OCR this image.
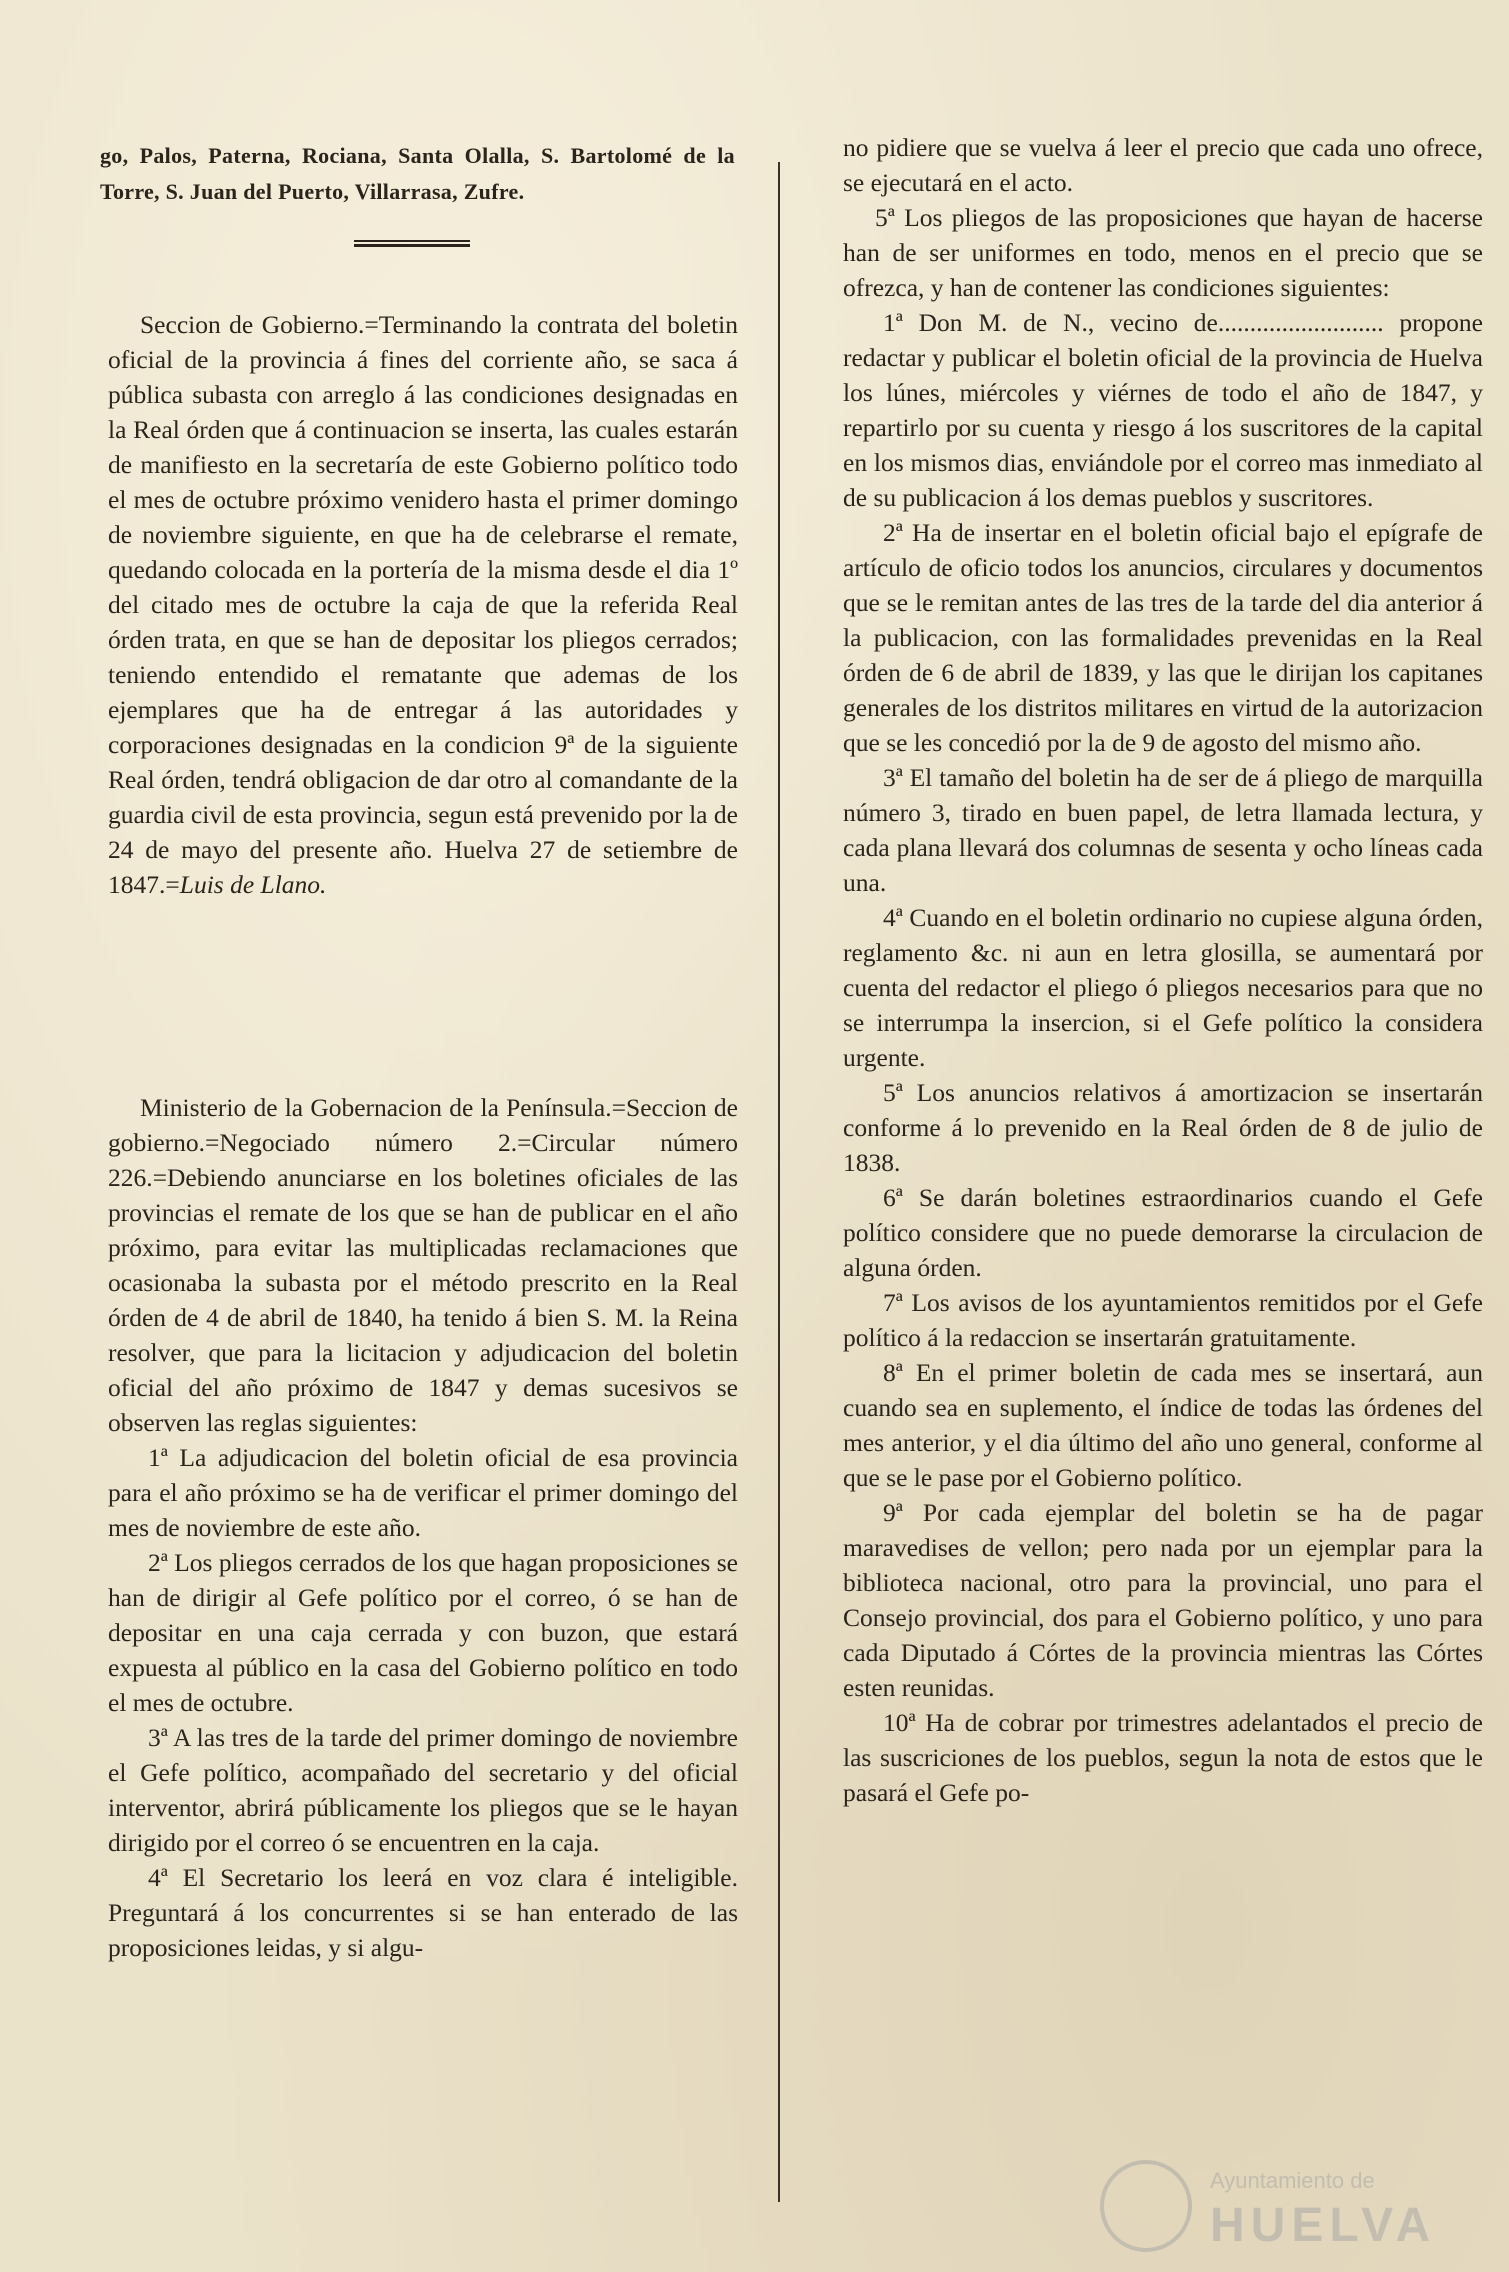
go, Palos, Paterna, Rociana, Santa Olalla, S. Bartolomé de la Torre, S. Juan del Puerto, Villarrasa, Zufre.

Seccion de Gobierno.=Terminando la contrata del boletin oficial de la provincia á fines del corriente año, se saca á pública subasta con arreglo á las condiciones designadas en la Real órden que á continuacion se inserta, las cuales estarán de manifiesto en la secretaría de este Gobierno político todo el mes de octubre próximo venidero hasta el primer domingo de noviembre siguiente, en que ha de celebrarse el remate, quedando colocada en la portería de la misma desde el dia 1º del citado mes de octubre la caja de que la referida Real órden trata, en que se han de depositar los pliegos cerrados; teniendo entendido el rematante que ademas de los ejemplares que ha de entregar á las autoridades y corporaciones designadas en la condicion 9ª de la siguiente Real órden, tendrá obligacion de dar otro al comandante de la guardia civil de esta provincia, segun está prevenido por la de 24 de mayo del presente año. Huelva 27 de setiembre de 1847.=Luis de Llano.

Ministerio de la Gobernacion de la Península.=Seccion de gobierno.=Negociado número 2.=Circular número 226.=Debiendo anunciarse en los boletines oficiales de las provincias el remate de los que se han de publicar en el año próximo, para evitar las multiplicadas reclamaciones que ocasionaba la subasta por el método prescrito en la Real órden de 4 de abril de 1840, ha tenido á bien S. M. la Reina resolver, que para la licitacion y adjudicacion del boletin oficial del año próximo de 1847 y demas sucesivos se observen las reglas siguientes:

1ª La adjudicacion del boletin oficial de esa provincia para el año próximo se ha de verificar el primer domingo del mes de noviembre de este año.

2ª Los pliegos cerrados de los que hagan proposiciones se han de dirigir al Gefe político por el correo, ó se han de depositar en una caja cerrada y con buzon, que estará expuesta al público en la casa del Gobierno político en todo el mes de octubre.

3ª A las tres de la tarde del primer domingo de noviembre el Gefe político, acompañado del secretario y del oficial interventor, abrirá públicamente los pliegos que se le hayan dirigido por el correo ó se encuentren en la caja.

4ª El Secretario los leerá en voz clara é inteligible. Preguntará á los concurrentes si se han enterado de las proposiciones leidas, y si algu-

no pidiere que se vuelva á leer el precio que cada uno ofrece, se ejecutará en el acto.

5ª Los pliegos de las proposiciones que hayan de hacerse han de ser uniformes en todo, menos en el precio que se ofrezca, y han de contener las condiciones siguientes:

1ª Don M. de N., vecino de.......................... propone redactar y publicar el boletin oficial de la provincia de Huelva los lúnes, miércoles y viérnes de todo el año de 1847, y repartirlo por su cuenta y riesgo á los suscritores de la capital en los mismos dias, enviándole por el correo mas inmediato al de su publicacion á los demas pueblos y suscritores.

2ª Ha de insertar en el boletin oficial bajo el epígrafe de artículo de oficio todos los anuncios, circulares y documentos que se le remitan antes de las tres de la tarde del dia anterior á la publicacion, con las formalidades prevenidas en la Real órden de 6 de abril de 1839, y las que le dirijan los capitanes generales de los distritos militares en virtud de la autorizacion que se les concedió por la de 9 de agosto del mismo año.

3ª El tamaño del boletin ha de ser de á pliego de marquilla número 3, tirado en buen papel, de letra llamada lectura, y cada plana llevará dos columnas de sesenta y ocho líneas cada una.

4ª Cuando en el boletin ordinario no cupiese alguna órden, reglamento &c. ni aun en letra glosilla, se aumentará por cuenta del redactor el pliego ó pliegos necesarios para que no se interrumpa la insercion, si el Gefe político la considera urgente.

5ª Los anuncios relativos á amortizacion se insertarán conforme á lo prevenido en la Real órden de 8 de julio de 1838.

6ª Se darán boletines estraordinarios cuando el Gefe político considere que no puede demorarse la circulacion de alguna órden.

7ª Los avisos de los ayuntamientos remitidos por el Gefe político á la redaccion se insertarán gratuitamente.

8ª En el primer boletin de cada mes se insertará, aun cuando sea en suplemento, el índice de todas las órdenes del mes anterior, y el dia último del año uno general, conforme al que se le pase por el Gobierno político.

9ª Por cada ejemplar del boletin se ha de pagar maravedises de vellon; pero nada por un ejemplar para la biblioteca nacional, otro para la provincial, uno para el Consejo provincial, dos para el Gobierno político, y uno para cada Diputado á Córtes de la provincia mientras las Córtes esten reunidas.

10ª Ha de cobrar por trimestres adelantados el precio de las suscriciones de los pueblos, segun la nota de estos que le pasará el Gefe po-

Ayuntamiento de
HUELVA
